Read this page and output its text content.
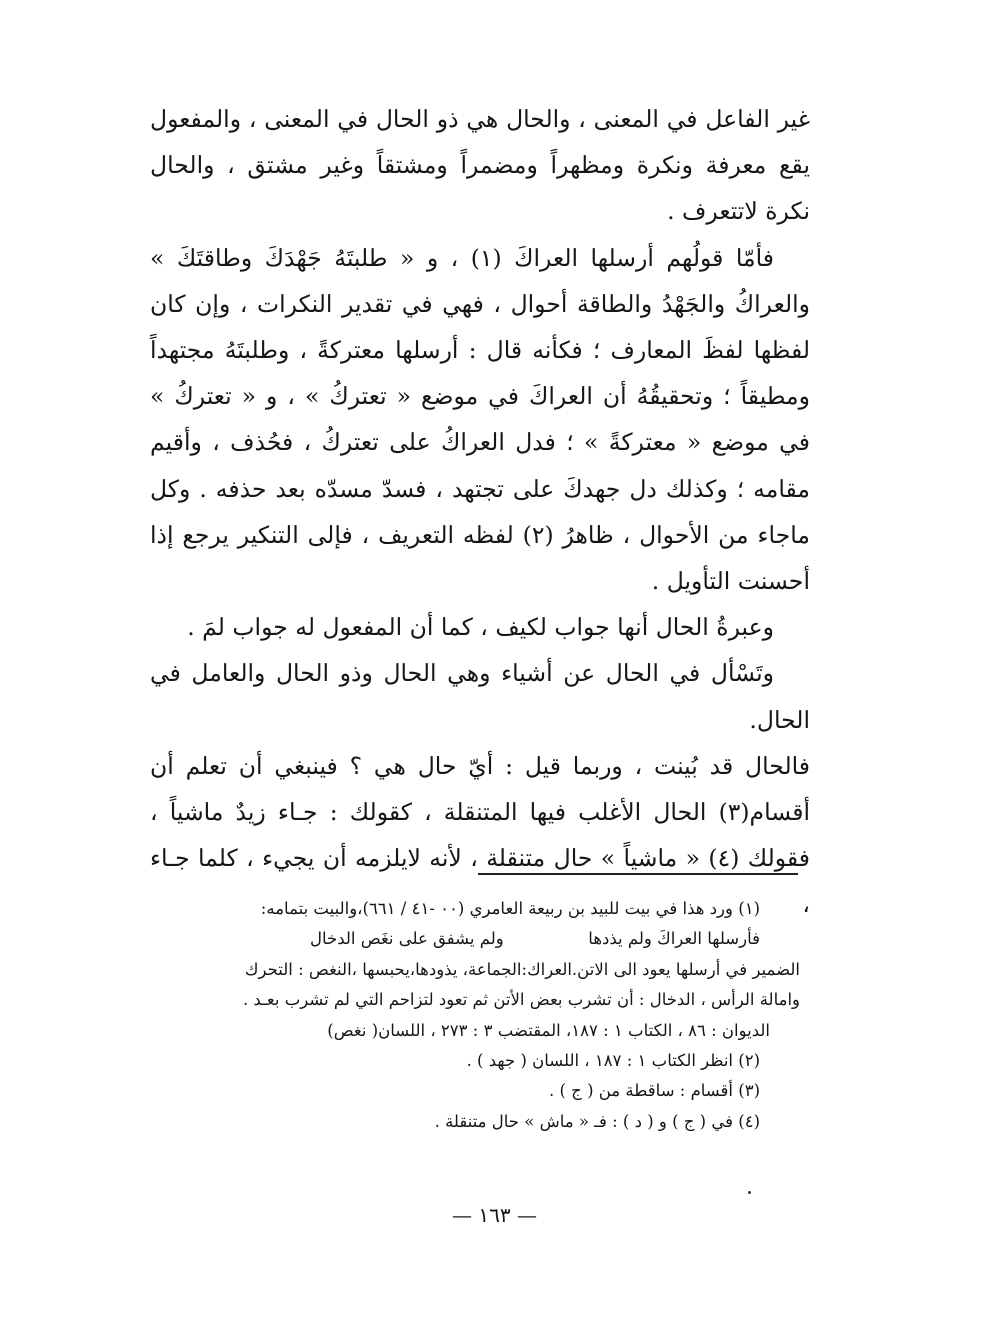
غير الفاعل في المعنى ، والحال هي ذو الحال في المعنى ، والمفعول يقع معرفة ونكرة ومظهراً ومضمراً ومشتقاً وغير مشتق ، والحال نكرة لاتتعرف .

فأمّا قولُهم أرسلها العراكَ (١) ، و « طلبتَهُ جَهْدَكَ وطاقتَكَ » والعراكُ والجَهْدُ والطاقة أحوال ، فهي في تقدير النكرات ، وإن كان لفظها لفظَ المعارف ؛ فكأنه قال : أرسلها معتركةً ، وطلبتَهُ مجتهداً ومطيقاً ؛ وتحقيقُهُ أن العراكَ في موضع « تعتركُ » ، و « تعتركُ » في موضع « معتركةً » ؛ فدل العراكُ على تعتركُ ، فحُذف ، وأقيم مقامه ؛ وكذلك دل جهدكَ على تجتهد ، فسدّ مسدّه بعد حذفه . وكل ماجاء من الأحوال ، ظاهرُ (٢) لفظه التعريف ، فإلى التنكير يرجع إذا أحسنت التأويل .

وعبرةُ الحال أنها جواب لكيف ، كما أن المفعول له جواب لمَ .

وتَسْأل في الحال عن أشياء وهي الحال وذو الحال والعامل في الحال.

فالحال قد بُينت ، وربما قيل : أيّ حال هي ؟ فينبغي أن تعلم أن أقسام(٣) الحال الأغلب فيها المتنقلة ، كقولك : جـاء زيدٌ ماشياً ، فقولك (٤) « ماشياً » حال متنقلة ، لأنه لايلزمه أن يجيء ، كلما جـاء ،

(١) ورد هذا في بيت للبيد بن ربيعة العامري (٠٠ -٤١ / ٦٦١)،والبيت بتمامه:

فأرسلها العراكَ ولم يذدها
ولم يشفق على نغَص الدخال

الضمير في أرسلها يعود الى الاتن.العراك:الجماعة، يذودها،يحبسها ،النغص : التحرك

وامالة الرأس ، الدخال : أن تشرب بعض الأتن ثم تعود لتزاحم التي لم تشرب بعـد .

الديوان : ٨٦ ، الكتاب ١ : ١٨٧، المقتضب ٣ : ٢٧٣ ، اللسان( نغص)

(٢) انظر الكتاب ١ : ١٨٧ ، اللسان ( جهد ) .

(٣) أقسام : ساقطة من ( ج ) .

(٤) في ( ج ) و ( د ) : فـ « ماش » حال متنقلة .

— ١٦٣ —
